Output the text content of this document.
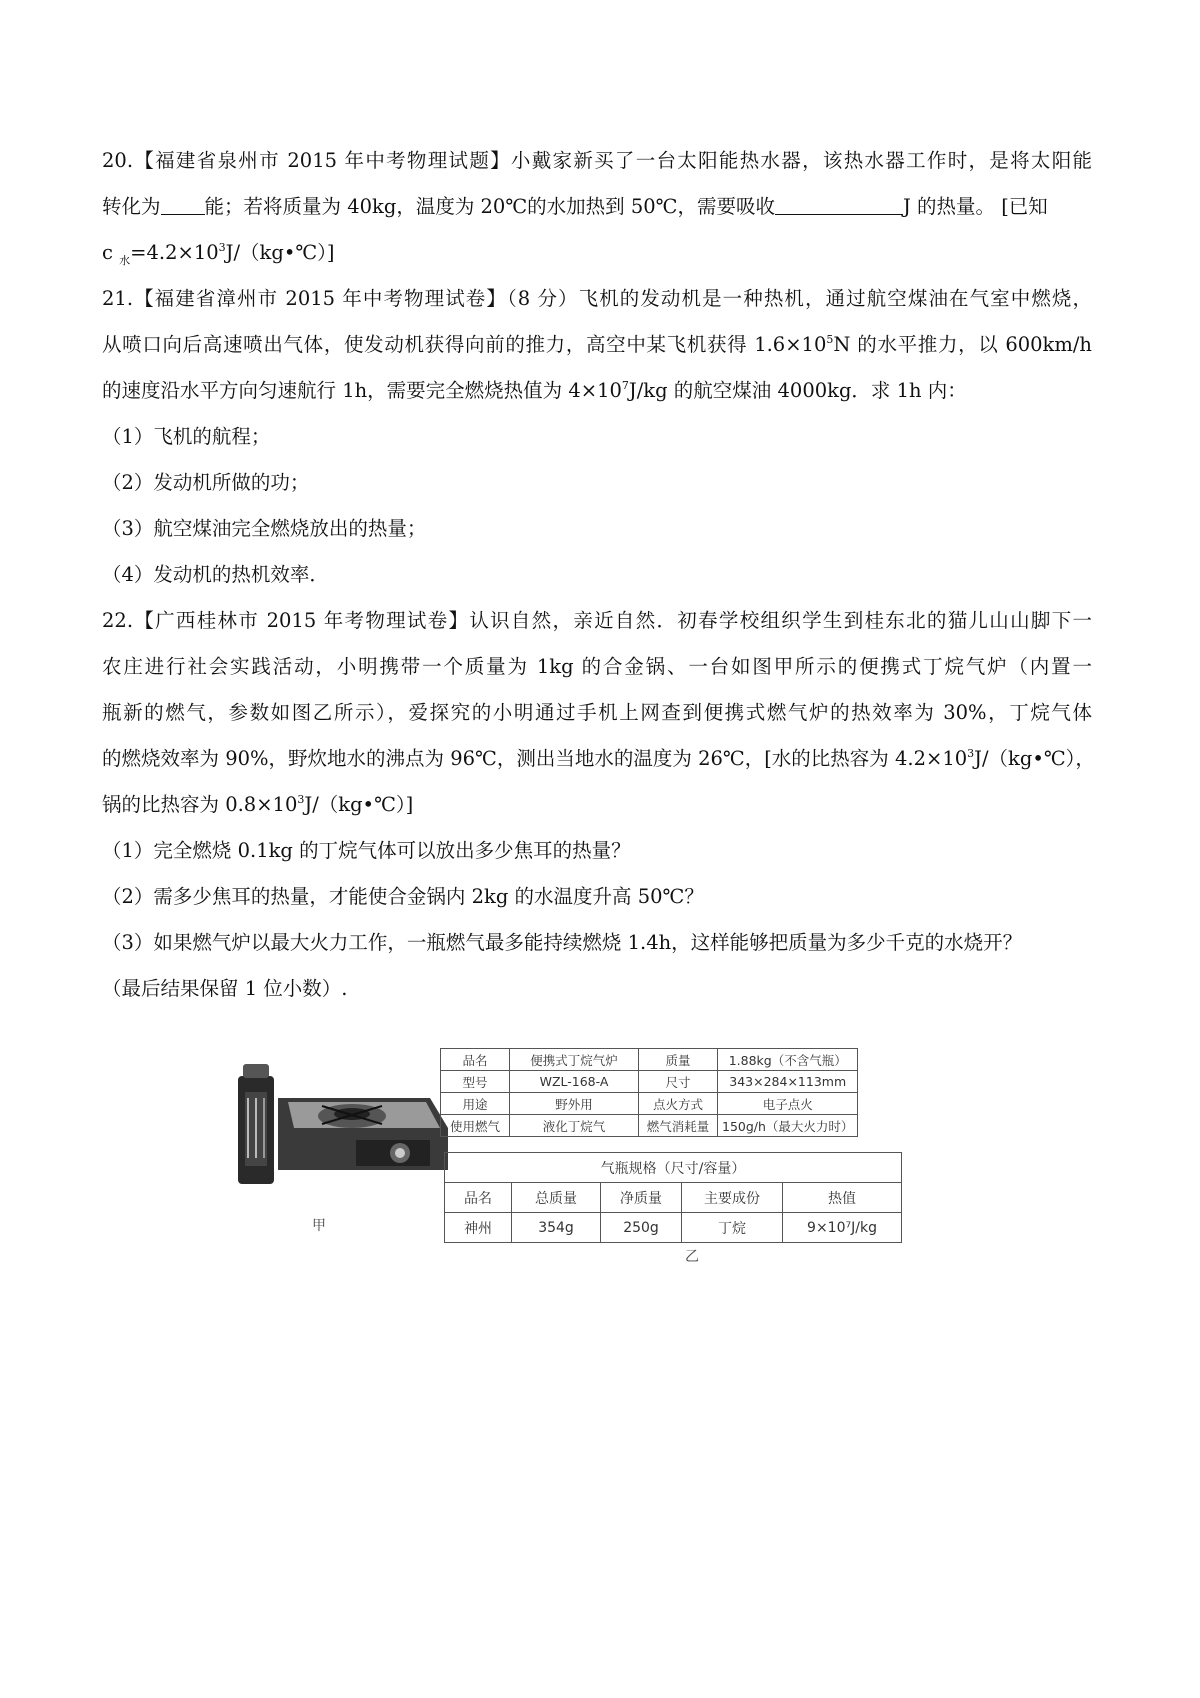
20.【福建省泉州市 2015 年中考物理试题】小戴家新买了一台太阳能热水器，该热水器工作时，是将太阳能
转化为 能；若将质量为 40kg，温度为 20℃的水加热到 50℃，需要吸收	J 的热量。 [已知
c $_水=4.2\times 10^3J/(kg•℃)$]
21.【福建省漳州市 2015 年中考物理试卷】（8 分）飞机的发动机是一种热机，通过航空煤油在气室中燃烧，
从喷口向后高速喷出气体，使发动机获得向前的推力，高空中某飞机获得 $1.6\times 10^5N$ 的水平推力，以 600km/h
的速度沿水平方向匀速航行 1h，需要完全燃烧热值为 $4\times 10^7J/kg$ 的航空煤油 4000kg．求 1h 内：
（1）飞机的航程；
（2）发动机所做的功；
（3）航空煤油完全燃烧放出的热量；
（4）发动机的热机效率．
22.【广西桂林市 2015 年考物理试卷】认识自然，亲近自然．初春学校组织学生到桂东北的猫儿山山脚下一
农庄进行社会实践活动，小明携带一个质量为 1kg 的合金锅、一台如图甲所示的便携式丁烷气炉（内置一
瓶新的燃气，参数如图乙所示），爱探究的小明通过手机上网查到便携式燃气炉的热效率为 30%，丁烷气体
的燃烧效率为 90%，野炊地水的沸点为 96℃，测出当地水的温度为 26℃，[水的比热容为 $4.2\times 10^3J/(kg•℃)$，
锅的比热容为 $0.8\times 10^3J/(kg•℃)$]
（1）完全燃烧 0.1kg 的丁烷气体可以放出多少焦耳的热量？
（2）需多少焦耳的热量，才能使合金锅内 2kg 的水温度升高 50℃？
（3）如果燃气炉以最大火力工作，一瓶燃气最多能持续燃烧 1.4h，这样能够把质量为多少千克的水烧开？
（最后结果保留 1 位小数）.
甲
品名	便携式丁烷气炉	质量	1.88kg（不含气瓶）
型号	WZL-168-A	尺寸	343×284×113mm
用途	野外用	点火方式	电子点火
使用燃气	液化丁烷气	燃气消耗量	150g/h（最大火力时）
气瓶规格（尺寸/容量）				
品名	总质量	净质量	主要成份	热值
神州	354g	250g	丁烷	9×10⁷J/kg
乙
